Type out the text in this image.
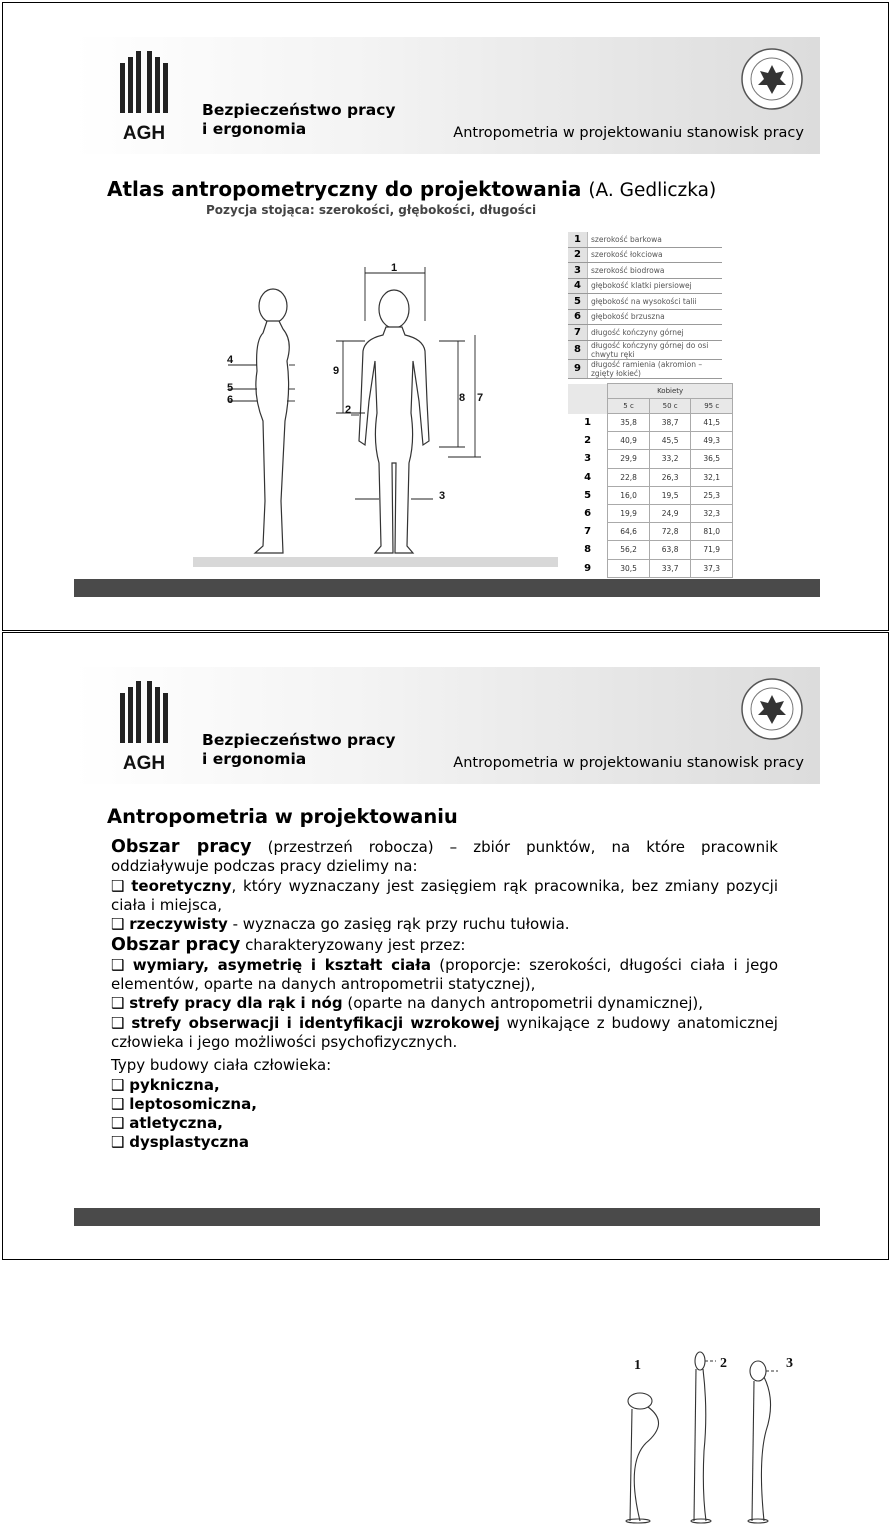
AGH
Bezpieczeństwo pracy
i ergonomia	Antropometria w projektowaniu stanowisk pracy
Atlas antropometryczny do projektowania (A. Gedliczka)
Pozycja stojąca: szerokości, głębokości, długości
1
2
3
4
5
6	7
8
9
1	szerokość barkowa
2	szerokość łokciowa
3	szerokość biodrowa
4	głębokość klatki piersiowej
5	głębokość na wysokości talii
6	głębokość brzuszna
7	długość kończyny górnej
8	długość kończyny górnej do osi chwytu ręki
9	długość ramienia (akromion – zgięty łokieć)
	Kobiety		
	5 c	50 c	95 c
1	35,8	38,7	41,5
2	40,9	45,5	49,3
3	29,9	33,2	36,5
4	22,8	26,3	32,1
5	16,0	19,5	25,3
6	19,9	24,9	32,3
7	64,6	72,8	81,0
8	56,2	63,8	71,9
9	30,5	33,7	37,3
AGH
Bezpieczeństwo pracy
i ergonomia	Antropometria w projektowaniu stanowisk pracy
Antropometria w projektowaniu

Obszar pracy (przestrzeń robocza) – zbiór punktów, na które pracownik oddziaływuje podczas pracy dzielimy na:

❑ teoretyczny, który wyznaczany jest zasięgiem rąk pracownika, bez zmiany pozycji ciała i miejsca,

❑ rzeczywisty - wyznacza go zasięg rąk przy ruchu tułowia.

Obszar pracy charakteryzowany jest przez:

❑ wymiary, asymetrię i kształt ciała (proporcje: szerokości, długości ciała i jego elementów, oparte na danych antropometrii statycznej),

❑ strefy pracy dla rąk i nóg (oparte na danych antropometrii dynamicznej),

❑ strefy obserwacji i identyfikacji wzrokowej wynikające z budowy anatomicznej człowieka i jego możliwości psychofizycznych.

Typy budowy ciała człowieka:

❑ pykniczna,

❑ leptosomiczna,

❑ atletyczna,

❑ dysplastyczna

1	2	3
